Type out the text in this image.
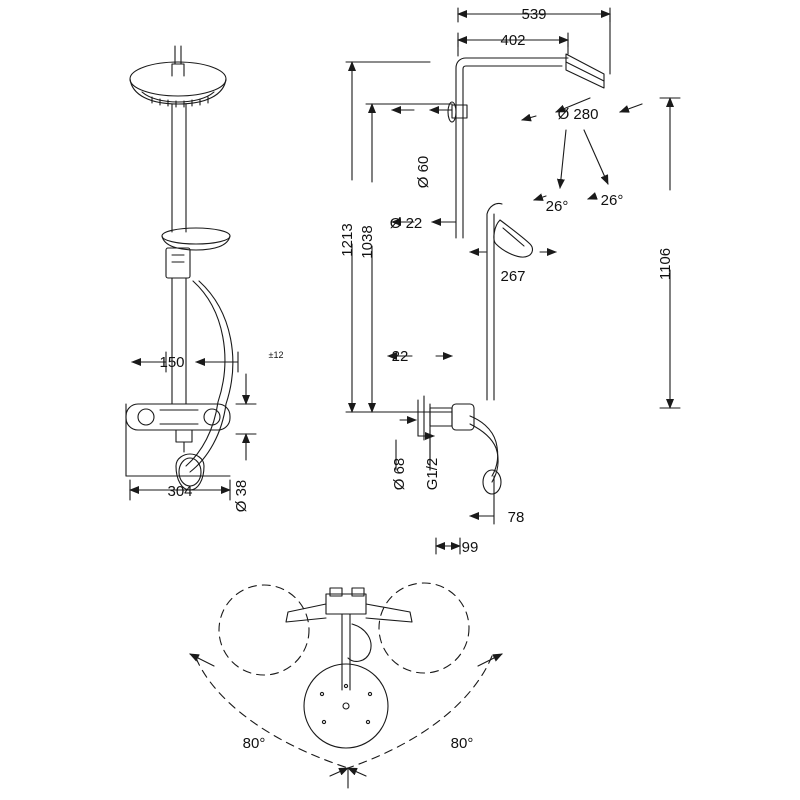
150	±12
304	Ø 38
539
402
Ø 280
1213 1038
1106
267
Ø 60
Ø 22
22
Ø 68 G1/2
78
99
26° 26°
80°	80°
